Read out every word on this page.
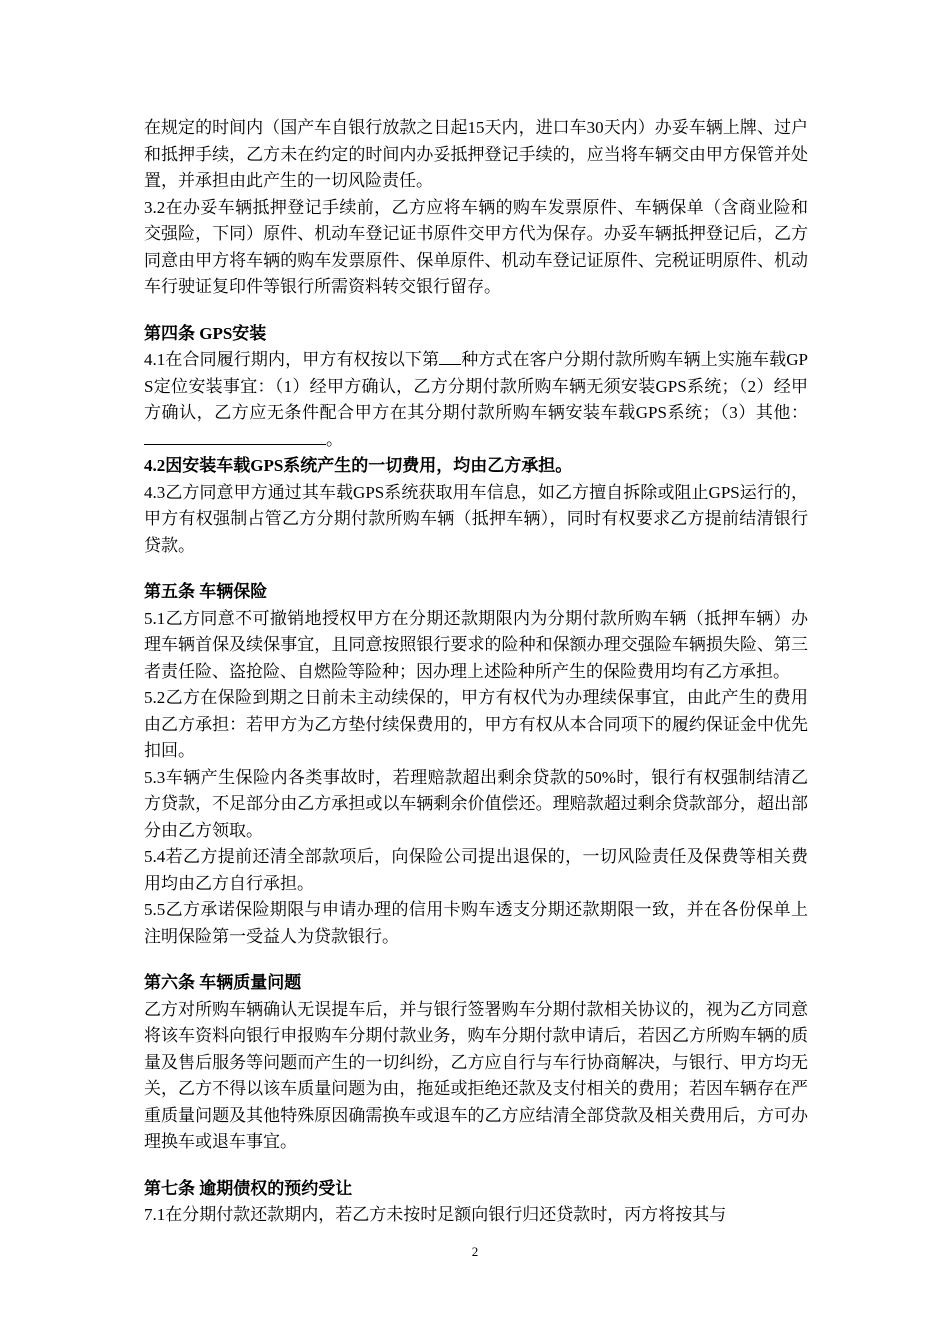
在规定的时间内（国产车自银行放款之日起15天内，进口车30天内）办妥车辆上牌、过户和抵押手续，乙方未在约定的时间内办妥抵押登记手续的，应当将车辆交由甲方保管并处置，并承担由此产生的一切风险责任。

3.2在办妥车辆抵押登记手续前，乙方应将车辆的购车发票原件、车辆保单（含商业险和交强险，下同）原件、机动车登记证书原件交甲方代为保存。办妥车辆抵押登记后，乙方同意由甲方将车辆的购车发票原件、保单原件、机动车登记证原件、完税证明原件、机动车行驶证复印件等银行所需资料转交银行留存。

第四条 GPS安装

4.1在合同履行期内，甲方有权按以下第 种方式在客户分期付款所购车辆上实施车载GPS定位安装事宜：（1）经甲方确认，乙方分期付款所购车辆无须安装GPS系统；（2）经甲方确认，乙方应无条件配合甲方在其分期付款所购车辆安装车载GPS系统；（3）其他：。

4.2因安装车载GPS系统产生的一切费用，均由乙方承担。

4.3乙方同意甲方通过其车载GPS系统获取用车信息，如乙方擅自拆除或阻止GPS运行的，甲方有权强制占管乙方分期付款所购车辆（抵押车辆），同时有权要求乙方提前结清银行贷款。

第五条 车辆保险

5.1乙方同意不可撤销地授权甲方在分期还款期限内为分期付款所购车辆（抵押车辆）办理车辆首保及续保事宜，且同意按照银行要求的险种和保额办理交强险车辆损失险、第三者责任险、盗抢险、自燃险等险种；因办理上述险种所产生的保险费用均有乙方承担。

5.2乙方在保险到期之日前未主动续保的，甲方有权代为办理续保事宜，由此产生的费用由乙方承担：若甲方为乙方垫付续保费用的，甲方有权从本合同项下的履约保证金中优先扣回。

5.3车辆产生保险内各类事故时，若理赔款超出剩余贷款的50%时，银行有权强制结清乙方贷款，不足部分由乙方承担或以车辆剩余价值偿还。理赔款超过剩余贷款部分，超出部分由乙方领取。

5.4若乙方提前还清全部款项后，向保险公司提出退保的，一切风险责任及保费等相关费用均由乙方自行承担。

5.5乙方承诺保险期限与申请办理的信用卡购车透支分期还款期限一致，并在各份保单上注明保险第一受益人为贷款银行。

第六条 车辆质量问题

乙方对所购车辆确认无误提车后，并与银行签署购车分期付款相关协议的，视为乙方同意将该车资料向银行申报购车分期付款业务，购车分期付款申请后，若因乙方所购车辆的质量及售后服务等问题而产生的一切纠纷，乙方应自行与车行协商解决，与银行、甲方均无关，乙方不得以该车质量问题为由，拖延或拒绝还款及支付相关的费用；若因车辆存在严重质量问题及其他特殊原因确需换车或退车的乙方应结清全部贷款及相关费用后，方可办理换车或退车事宜。

第七条 逾期债权的预约受让

7.1在分期付款还款期内，若乙方未按时足额向银行归还贷款时，丙方将按其与

2
